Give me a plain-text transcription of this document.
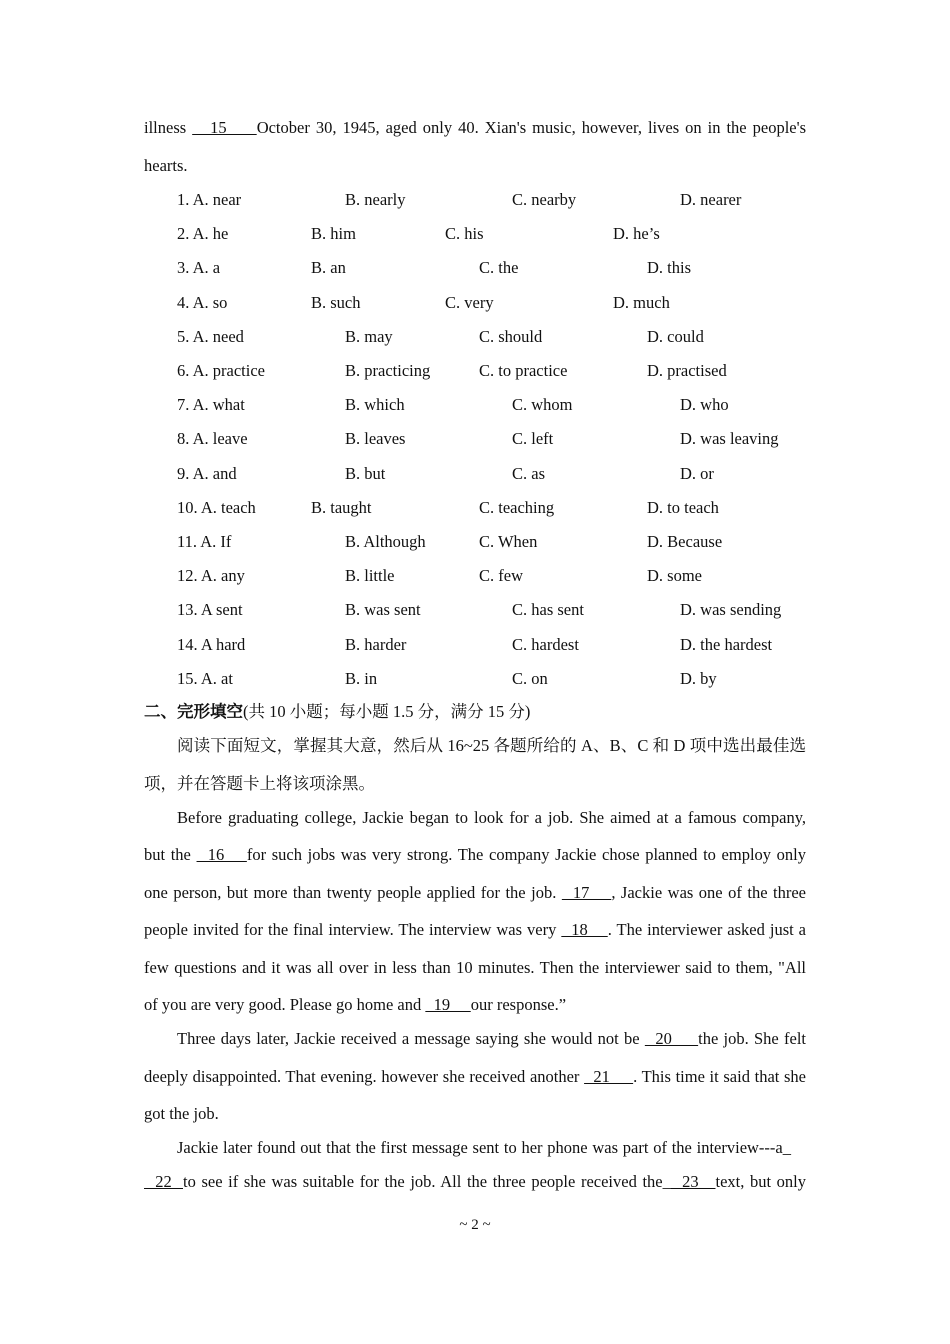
illness    15     October 30, 1945, aged only 40. Xian's music, however, lives on in the people's
hearts.
1. A. near	B. nearly	C. nearby	D. nearer
2. A. he	B. him	C. his	D. he’s
3. A. a	B. an	C. the	D. this
4. A. so	B. such	C. very	D. much
5. A. need	B. may	C. should	D. could
6. A. practice	B. practicing	C. to practice	D. practised
7. A. what	B. which	C. whom	D. who
8. A. leave	B. leaves	C. left	D. was leaving
9. A. and	B. but	C. as	D. or
10. A. teach	B. taught	C. teaching	D. to teach
11. A. If	B. Although	C. When	D. Because
12. A. any	B. little	C. few	D. some
13. A sent	B. was sent	C. has sent	D. was sending
14. A hard	B. harder	C. hardest	D. the hardest
15. A. at	B. in	C. on	D. by
二、完形填空(共 10 小题；每小题 1.5 分，满分 15 分)
阅读下面短文，掌握其大意，然后从 16~25 各题所给的 A、B、C 和 D 项中选出最佳选
项，并在答题卡上将该项涂黑。
Before graduating college, Jackie began to look for a job. She aimed at a famous company,
but the   16    for such jobs was very strong. The company Jackie chose planned to employ only
one person, but more than twenty people applied for the job.   17    , Jackie was one of the three
people invited for the final interview. The interview was very   18    . The interviewer asked just a
few questions and it was all over in less than 10 minutes. Then the interviewer said to them, "All
of you are very good. Please go home and   19     our response.”
Three days later, Jackie received a message saying she would not be   20     the job. She felt
deeply disappointed. That evening. however she received another   21     . This time it said that she
got the job.
Jackie later found out that the first message sent to her phone was part of the interview---a_
22  to see if she was suitable for the job. All the three people received the_  23   text, but only
~ 2 ~
